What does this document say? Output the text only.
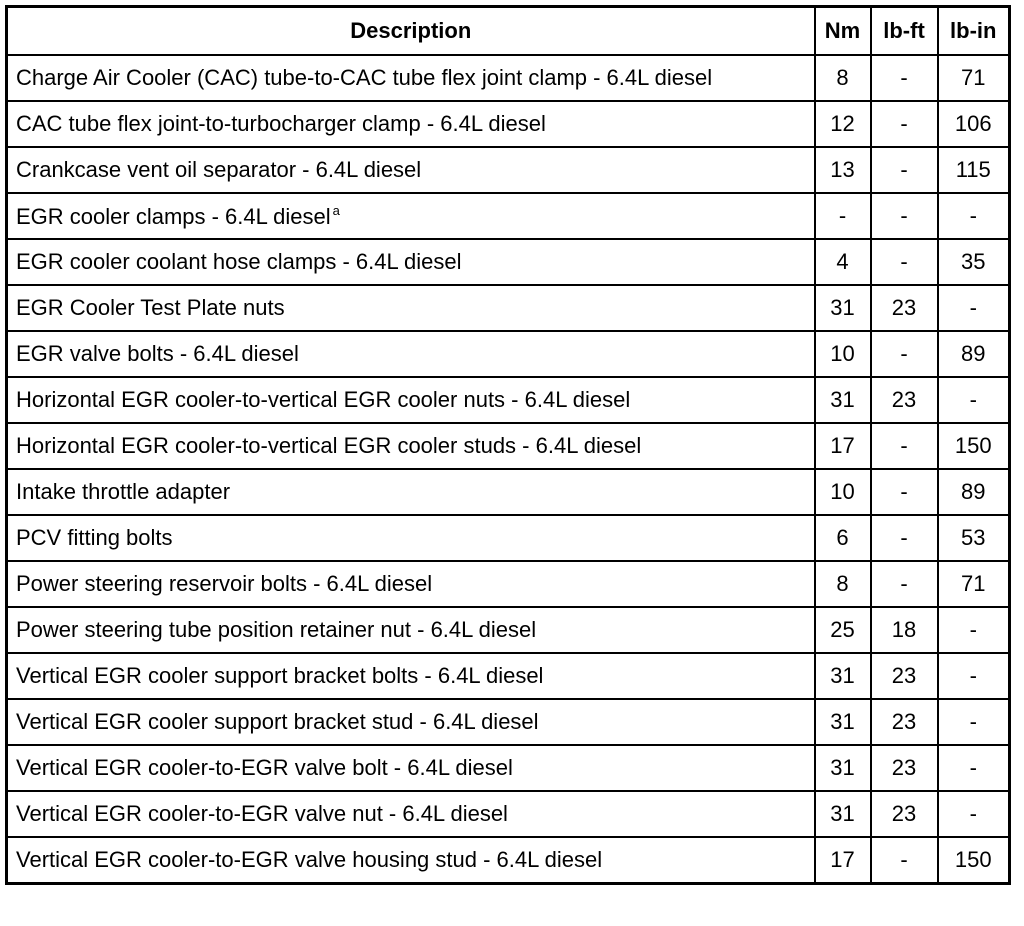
Description	Nm	lb-ft	lb-in
Charge Air Cooler (CAC) tube-to-CAC tube flex joint clamp - 6.4L diesel	8	-	71
CAC tube flex joint-to-turbocharger clamp - 6.4L diesel	12	-	106
Crankcase vent oil separator - 6.4L diesel	13	-	115
EGR cooler clamps - 6.4L diesel $^a$	-	-	-
EGR cooler coolant hose clamps - 6.4L diesel	4	-	35
EGR Cooler Test Plate nuts	31	23	-
EGR valve bolts - 6.4L diesel	10	-	89
Horizontal EGR cooler-to-vertical EGR cooler nuts - 6.4L diesel	31	23	-
Horizontal EGR cooler-to-vertical EGR cooler studs - 6.4L diesel	17	-	150
Intake throttle adapter	10	-	89
PCV fitting bolts	6	-	53
Power steering reservoir bolts - 6.4L diesel	8	-	71
Power steering tube position retainer nut - 6.4L diesel	25	18	-
Vertical EGR cooler support bracket bolts - 6.4L diesel	31	23	-
Vertical EGR cooler support bracket stud - 6.4L diesel	31	23	-
Vertical EGR cooler-to-EGR valve bolt - 6.4L diesel	31	23	-
Vertical EGR cooler-to-EGR valve nut - 6.4L diesel	31	23	-
Vertical EGR cooler-to-EGR valve housing stud - 6.4L diesel	17	-	150
